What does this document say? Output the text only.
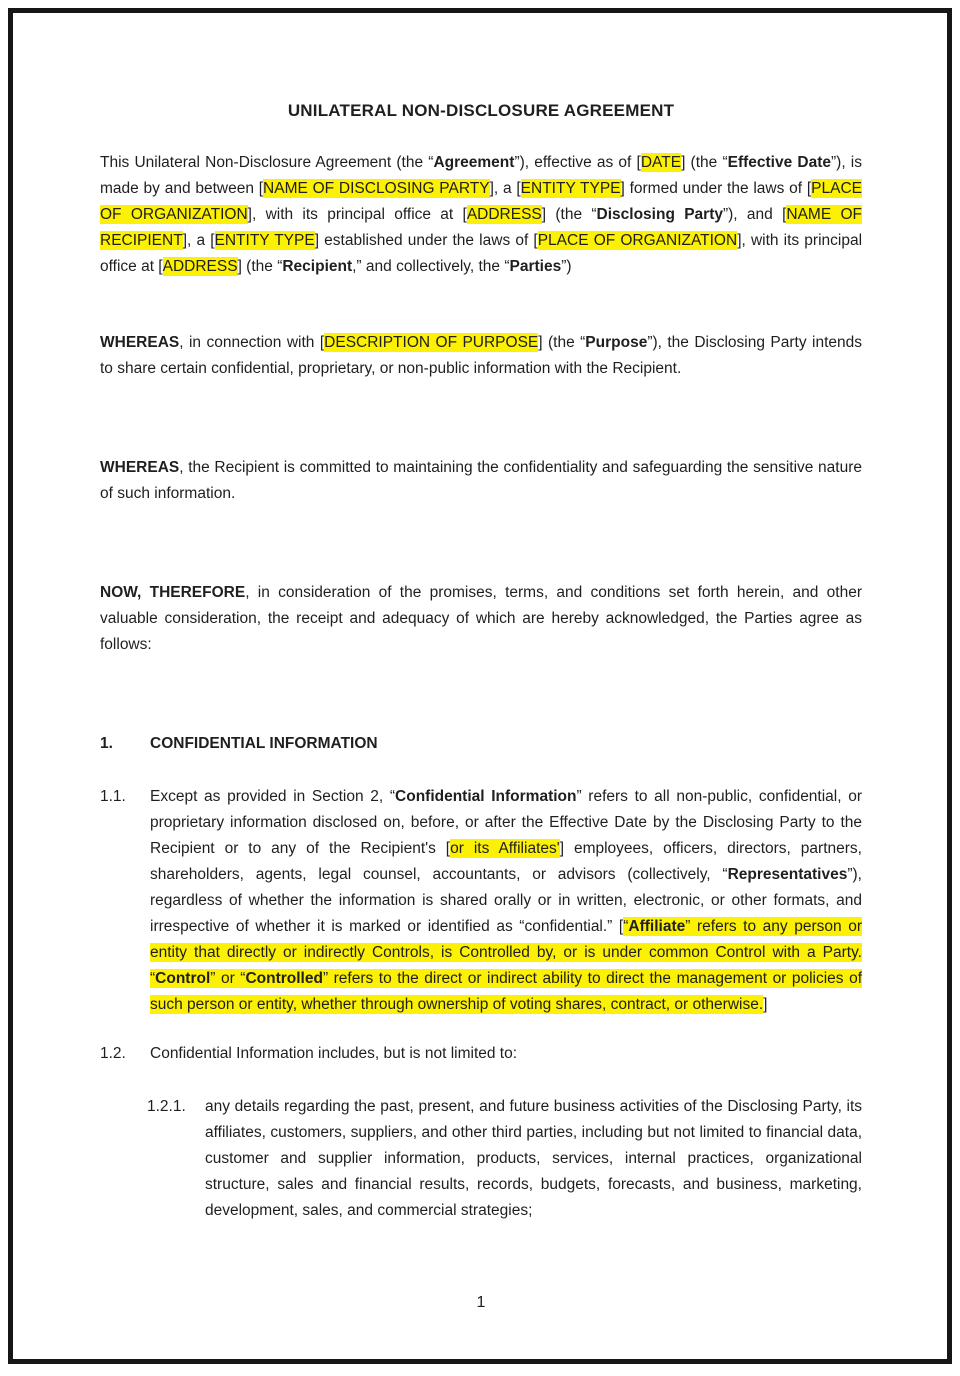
UNILATERAL NON-DISCLOSURE AGREEMENT
This Unilateral Non-Disclosure Agreement (the “Agreement”), effective as of [DATE] (the “Effective Date”), is made by and between [NAME OF DISCLOSING PARTY], a [ENTITY TYPE] formed under the laws of [PLACE OF ORGANIZATION], with its principal office at [ADDRESS] (the “Disclosing Party”), and [NAME OF RECIPIENT], a [ENTITY TYPE] established under the laws of [PLACE OF ORGANIZATION], with its principal office at [ADDRESS] (the “Recipient,” and collectively, the “Parties”)
WHEREAS, in connection with [DESCRIPTION OF PURPOSE] (the “Purpose”), the Disclosing Party intends to share certain confidential, proprietary, or non-public information with the Recipient.
WHEREAS, the Recipient is committed to maintaining the confidentiality and safeguarding the sensitive nature of such information.
NOW, THEREFORE, in consideration of the promises, terms, and conditions set forth herein, and other valuable consideration, the receipt and adequacy of which are hereby acknowledged, the Parties agree as follows:
1.	CONFIDENTIAL INFORMATION
1.1.	Except as provided in Section 2, “Confidential Information” refers to all non-public, confidential, or proprietary information disclosed on, before, or after the Effective Date by the Disclosing Party to the Recipient or to any of the Recipient's [or its Affiliates'] employees, officers, directors, partners, shareholders, agents, legal counsel, accountants, or advisors (collectively, “Representatives”), regardless of whether the information is shared orally or in written, electronic, or other formats, and irrespective of whether it is marked or identified as “confidential.” [“Affiliate” refers to any person or entity that directly or indirectly Controls, is Controlled by, or is under common Control with a Party. “Control” or “Controlled” refers to the direct or indirect ability to direct the management or policies of such person or entity, whether through ownership of voting shares, contract, or otherwise.]
1.2.	Confidential Information includes, but is not limited to:
1.2.1.	any details regarding the past, present, and future business activities of the Disclosing Party, its affiliates, customers, suppliers, and other third parties, including but not limited to financial data, customer and supplier information, products, services, internal practices, organizational structure, sales and financial results, records, budgets, forecasts, and business, marketing, development, sales, and commercial strategies;
1
